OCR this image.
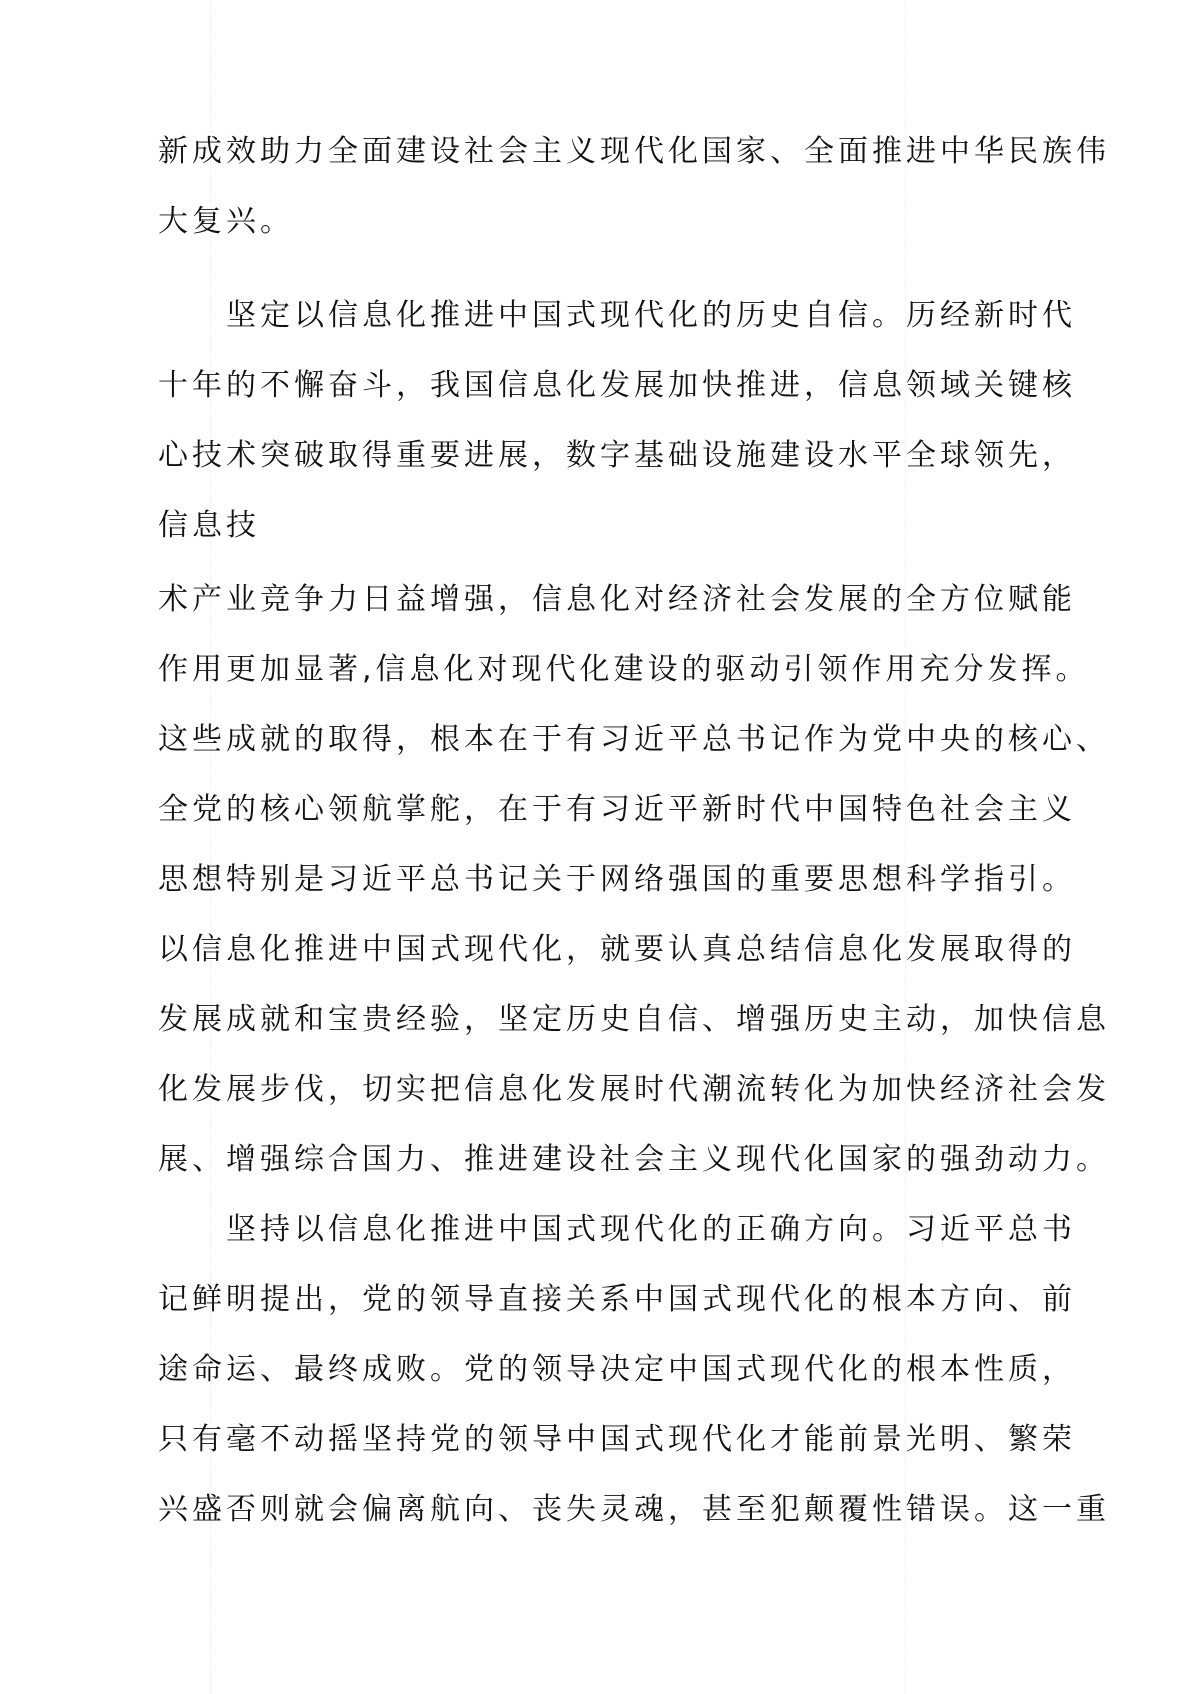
新成效助力全面建设社会主义现代化国家、全面推进中华民族伟
大复兴。
坚定以信息化推进中国式现代化的历史自信。历经新时代
十年的不懈奋斗，我国信息化发展加快推进，信息领域关键核
心技术突破取得重要进展，数字基础设施建设水平全球领先，
信息技
术产业竞争力日益增强，信息化对经济社会发展的全方位赋能
作用更加显著,信息化对现代化建设的驱动引领作用充分发挥。
这些成就的取得，根本在于有习近平总书记作为党中央的核心、
全党的核心领航掌舵，在于有习近平新时代中国特色社会主义
思想特别是习近平总书记关于网络强国的重要思想科学指引。
以信息化推进中国式现代化，就要认真总结信息化发展取得的
发展成就和宝贵经验，坚定历史自信、增强历史主动，加快信息
化发展步伐，切实把信息化发展时代潮流转化为加快经济社会发
展、增强综合国力、推进建设社会主义现代化国家的强劲动力。
坚持以信息化推进中国式现代化的正确方向。习近平总书
记鲜明提出，党的领导直接关系中国式现代化的根本方向、前
途命运、最终成败。党的领导决定中国式现代化的根本性质，
只有毫不动摇坚持党的领导中国式现代化才能前景光明、繁荣
兴盛否则就会偏离航向、丧失灵魂，甚至犯颠覆性错误。这一重
